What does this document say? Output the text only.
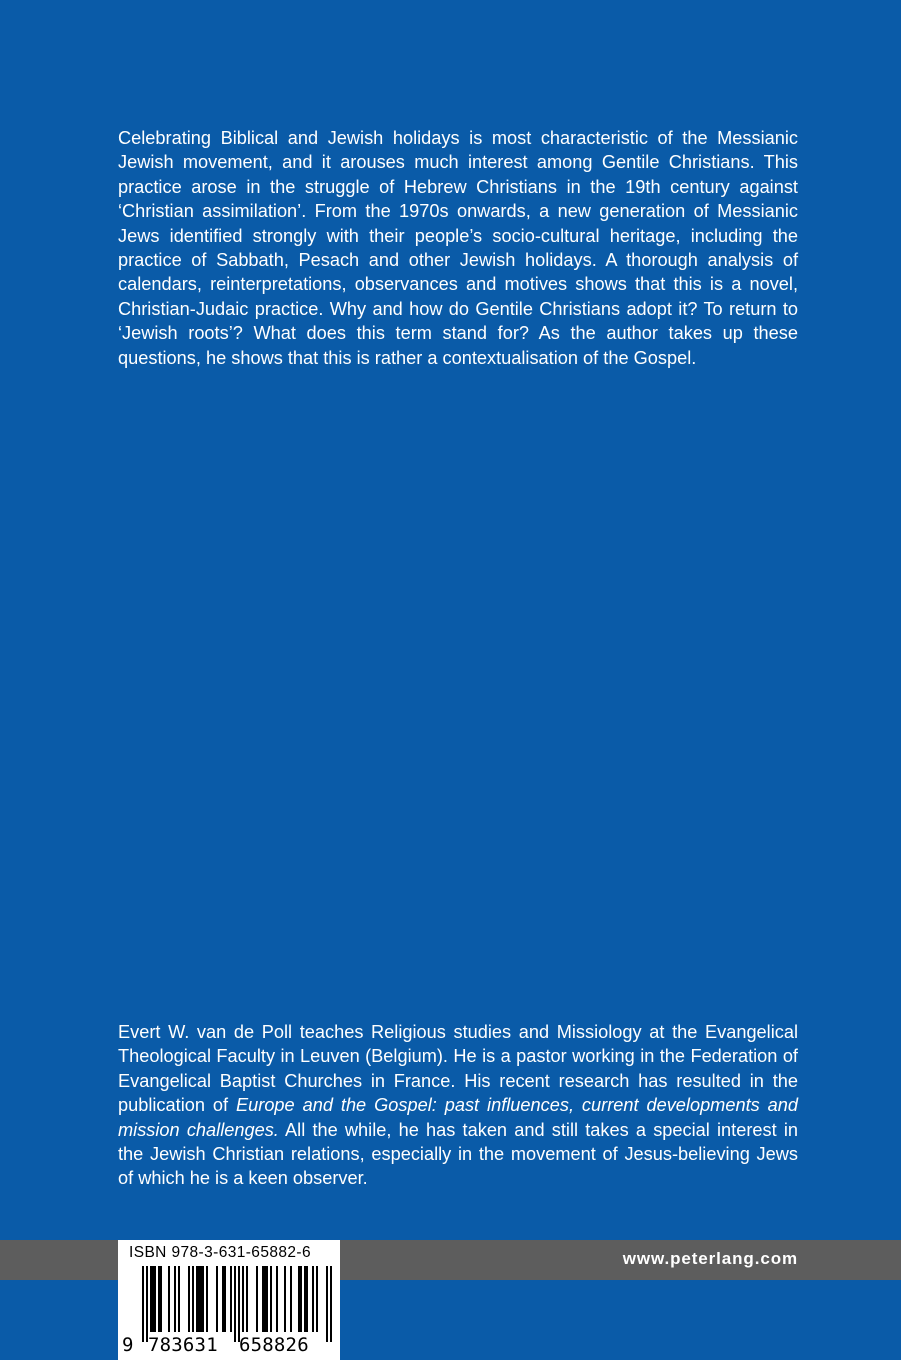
Celebrating Biblical and Jewish holidays is most characteristic of the Messianic Jewish movement, and it arouses much interest among Gentile Christians. This practice arose in the struggle of Hebrew Christians in the 19th century against ‘Christian assimilation’. From the 1970s onwards, a new generation of Messianic Jews identified strongly with their people’s socio-cultural heritage, including the practice of Sabbath, Pesach and other Jewish holidays. A thorough analysis of calendars, reinterpretations, observances and motives shows that this is a novel, Christian-Judaic practice. Why and how do Gentile Christians adopt it? To return to ‘Jewish roots’? What does this term stand for? As the author takes up these questions, he shows that this is rather a contextualisation of the Gospel.

Evert W. van de Poll teaches Religious studies and Missiology at the Evangelical Theological Faculty in Leuven (Belgium). He is a pastor working in the Federation of Evangelical Baptist Churches in France. His recent research has resulted in the publication of Europe and the Gospel: past influences, current developments and mission challenges. All the while, he has taken and still takes a special interest in the Jewish Christian relations, especially in the movement of Jesus-believing Jews of which he is a keen observer.

www.peterlang.com
ISBN 978-3-631-65882-6
9 783631 658826
